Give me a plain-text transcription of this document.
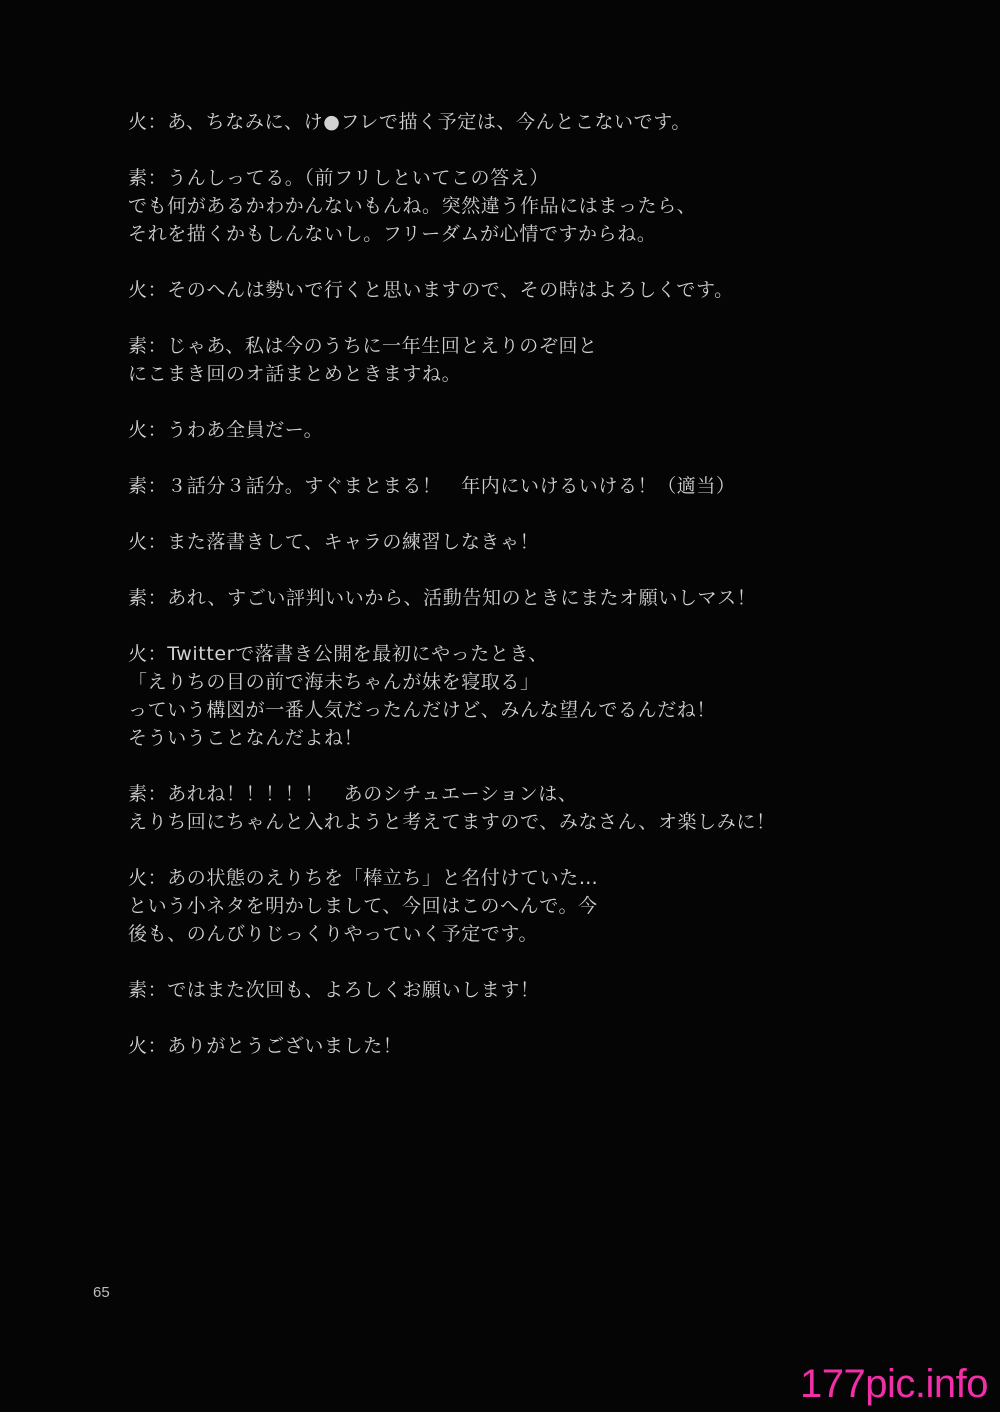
火：あ、ちなみに、け●フレで描く予定は、今んとこないです。
素：うんしってる。（前フリしといてこの答え）
でも何があるかわかんないもんね。突然違う作品にはまったら、
それを描くかもしんないし。フリーダムが心情ですからね。
火：そのへんは勢いで行くと思いますので、その時はよろしくです。
素：じゃあ、私は今のうちに一年生回とえりのぞ回と
にこまき回のオ話まとめときますね。
火：うわあ全員だー。
素：３話分３話分。すぐまとまる！　年内にいけるいける！（適当）
火：また落書きして、キャラの練習しなきゃ！
素：あれ、すごい評判いいから、活動告知のときにまたオ願いしマス！
火：Twitterで落書き公開を最初にやったとき、
「えりちの目の前で海未ちゃんが妹を寝取る」
っていう構図が一番人気だったんだけど、みんな望んでるんだね！
そういうことなんだよね！
素：あれね！！！！！　あのシチュエーションは、
えりち回にちゃんと入れようと考えてますので、みなさん、オ楽しみに！
火：あの状態のえりちを「棒立ち」と名付けていた…
という小ネタを明かしまして、今回はこのへんで。今
後も、のんびりじっくりやっていく予定です。
素：ではまた次回も、よろしくお願いします！
火：ありがとうございました！
65
177pic.info
